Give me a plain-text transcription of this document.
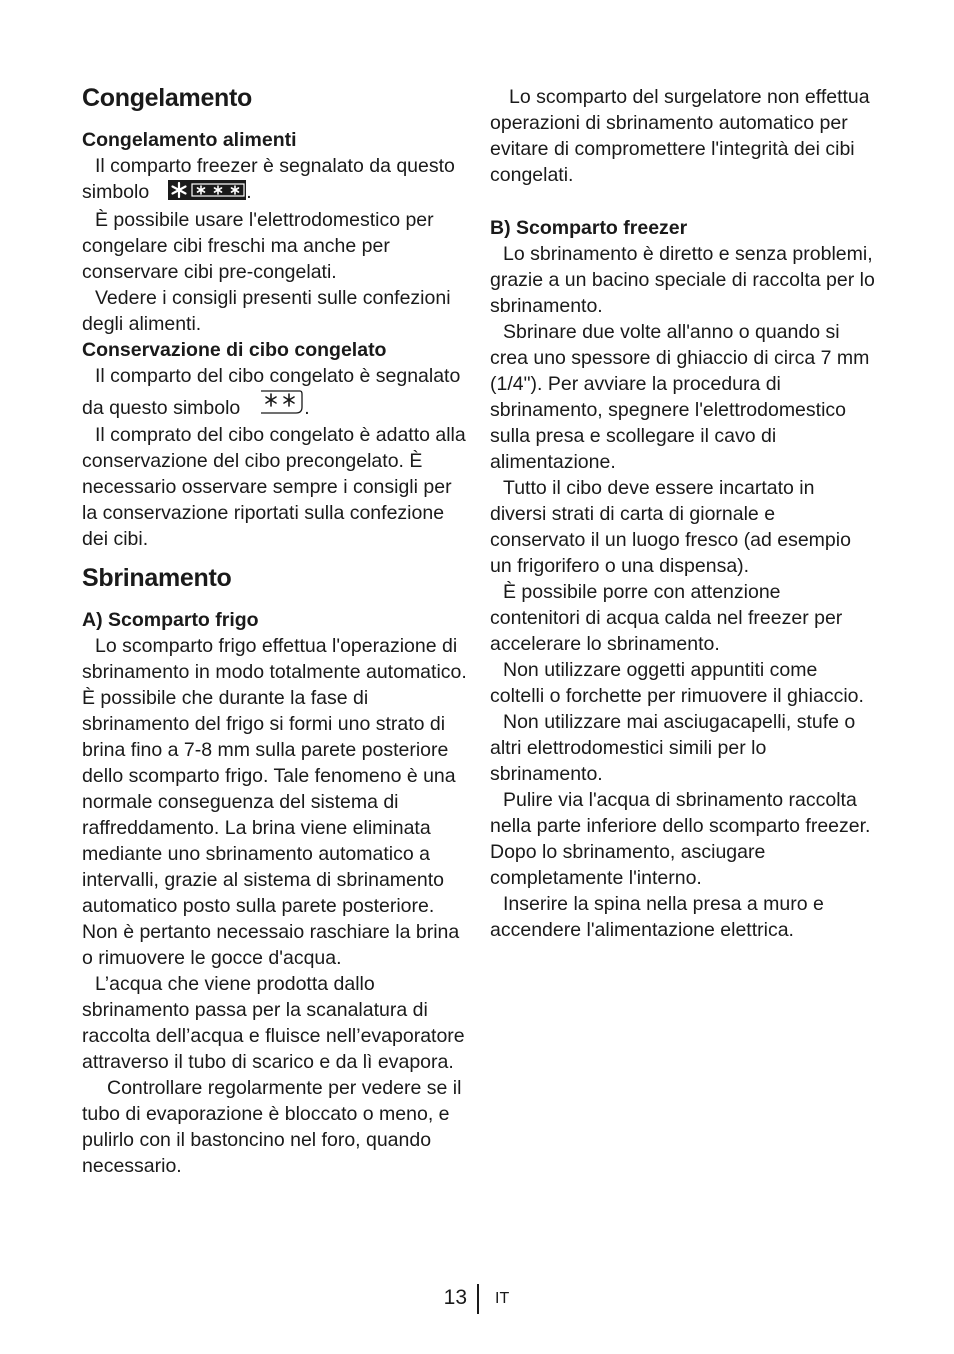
Congelamento
Congelamento alimenti

Il comparto freezer è segnalato da questo simbolo	.

È possibile usare l'elettrodomestico per congelare cibi freschi ma anche per conservare cibi pre-congelati.

Vedere i consigli presenti sulle confezioni degli alimenti.

Conservazione di cibo congelato

Il comparto del cibo congelato è segnalato da questo simbolo	.

Il comprato del cibo congelato è adatto alla conservazione del cibo precongelato. È necessario osservare sempre i consigli per la conservazione riportati sulla confezione dei cibi.

Sbrinamento
A) Scomparto frigo

Lo scomparto frigo effettua l'operazione di sbrinamento in modo totalmente automatico. È possibile che durante la fase di sbrinamento del frigo si formi uno strato di brina fino a 7-8 mm sulla parete posteriore dello scomparto frigo. Tale fenomeno è una normale conseguenza del sistema di raffreddamento. La brina viene eliminata mediante uno sbrinamento automatico a intervalli, grazie al sistema di sbrinamento automatico posto sulla parete posteriore. Non è pertanto necessaio raschiare la brina o rimuovere le gocce d'acqua.

L’acqua che viene prodotta dallo sbrinamento passa per la scanalatura di raccolta dell’acqua e fluisce nell’evaporatore attraverso il tubo di scarico e da lì evapora.

Controllare regolarmente per vedere se il tubo di evaporazione è bloccato o meno, e pulirlo con il bastoncino nel foro, quando necessario.

Lo scomparto del surgelatore non effettua operazioni di sbrinamento automatico per evitare di compromettere l'integrità dei cibi congelati.

B) Scomparto freezer

Lo sbrinamento è diretto e senza problemi, grazie a un bacino speciale di raccolta per lo sbrinamento.

Sbrinare due volte all'anno o quando si crea uno spessore di ghiaccio di circa 7 mm (1/4"). Per avviare la procedura di sbrinamento, spegnere l'elettrodomestico sulla presa e scollegare il cavo di alimentazione.

Tutto il cibo deve essere incartato in diversi strati di carta di giornale e conservato il un luogo fresco (ad esempio un frigorifero o una dispensa).

È possibile porre con attenzione contenitori di acqua calda nel freezer per accelerare lo sbrinamento.

Non utilizzare oggetti appuntiti come coltelli o forchette per rimuovere il ghiaccio.

Non utilizzare mai asciugacapelli, stufe o altri elettrodomestici simili per lo sbrinamento.

Pulire via l'acqua di sbrinamento raccolta nella parte inferiore dello scomparto freezer. Dopo lo sbrinamento, asciugare completamente l'interno.

Inserire la spina nella presa a muro e accendere l'alimentazione elettrica.

13 IT
